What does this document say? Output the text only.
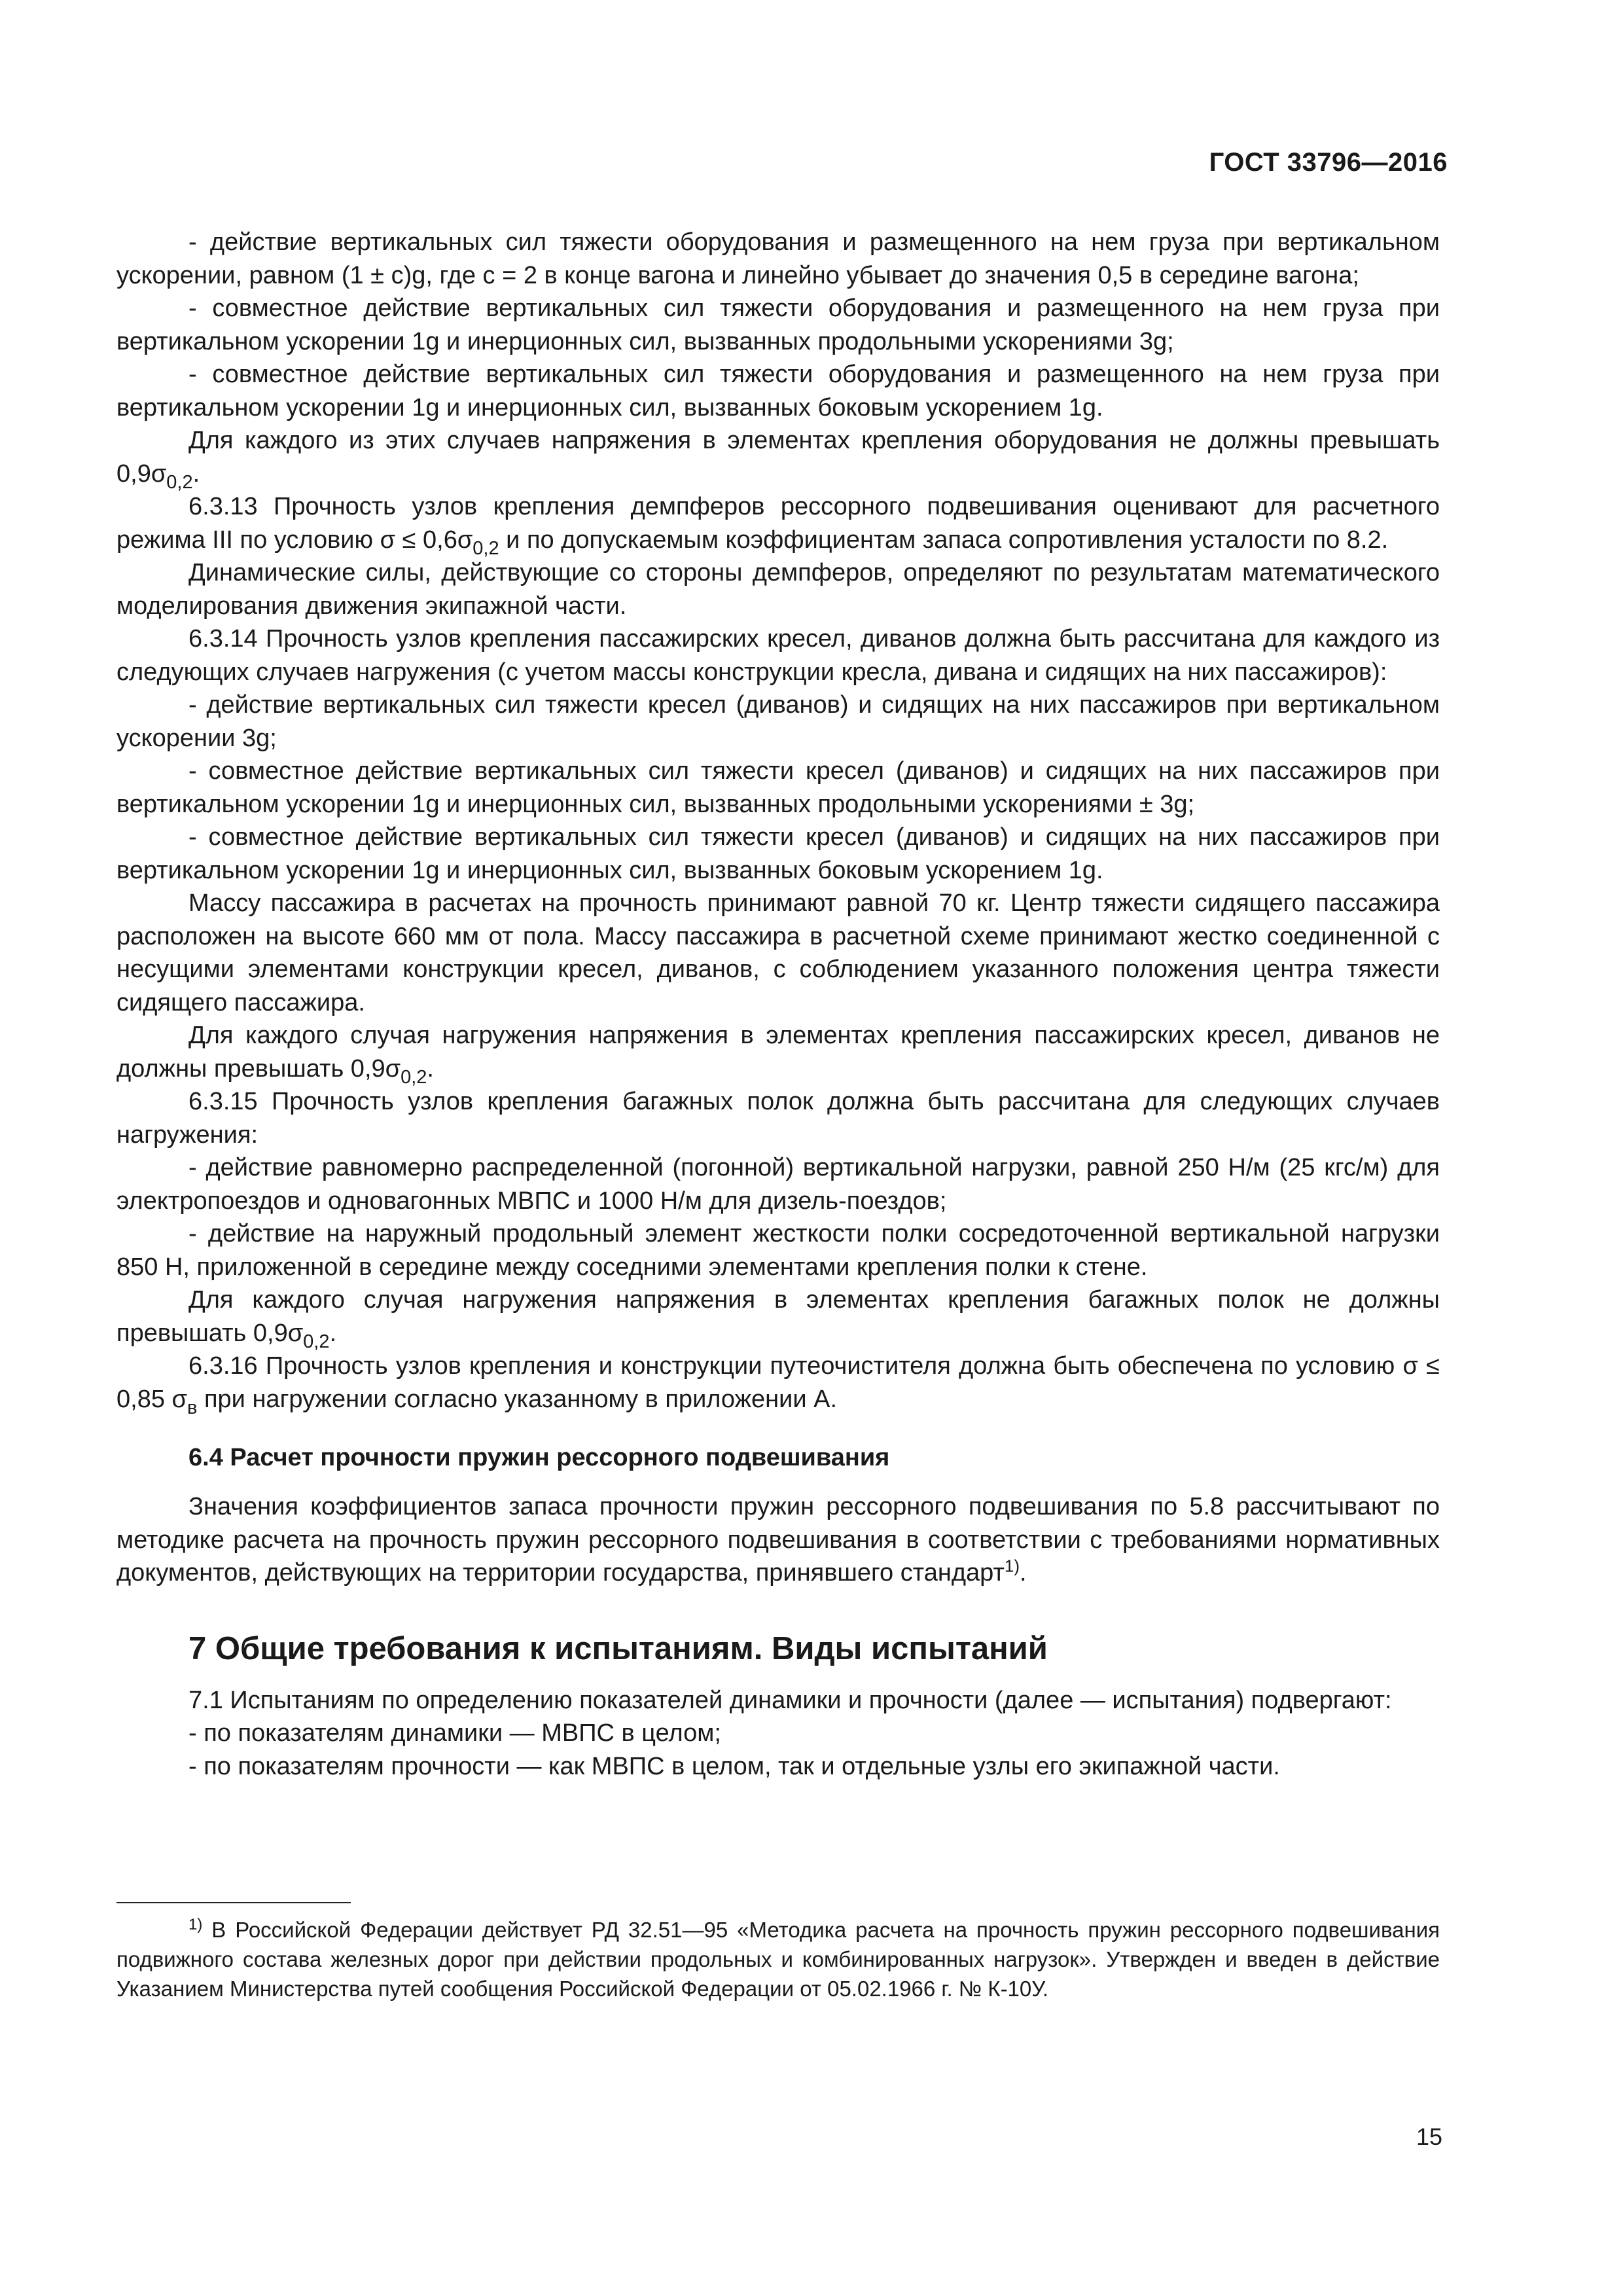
ГОСТ 33796—2016

- действие вертикальных сил тяжести оборудования и размещенного на нем груза при вертикальном ускорении, равном (1 ± с)g, где с = 2 в конце вагона и линейно убывает до значения 0,5 в середине вагона;

- совместное действие вертикальных сил тяжести оборудования и размещенного на нем груза при вертикальном ускорении 1g и инерционных сил, вызванных продольными ускорениями 3g;

- совместное действие вертикальных сил тяжести оборудования и размещенного на нем груза при вертикальном ускорении 1g и инерционных сил, вызванных боковым ускорением 1g.

Для каждого из этих случаев напряжения в элементах крепления оборудования не должны превышать $0,9\sigma_{0,2}$.

6.3.13 Прочность узлов крепления демпферов рессорного подвешивания оценивают для расчетного режима III по условию $\sigma \le 0,6\sigma_{0,2}$ и по допускаемым коэффициентам запаса сопротивления усталости по 8.2.

Динамические силы, действующие со стороны демпферов, определяют по результатам математического моделирования движения экипажной части.

6.3.14 Прочность узлов крепления пассажирских кресел, диванов должна быть рассчитана для каждого из следующих случаев нагружения (с учетом массы конструкции кресла, дивана и сидящих на них пассажиров):

- действие вертикальных сил тяжести кресел (диванов) и сидящих на них пассажиров при вертикальном ускорении 3g;

- совместное действие вертикальных сил тяжести кресел (диванов) и сидящих на них пассажиров при вертикальном ускорении 1g и инерционных сил, вызванных продольными ускорениями ± 3g;

- совместное действие вертикальных сил тяжести кресел (диванов) и сидящих на них пассажиров при вертикальном ускорении 1g и инерционных сил, вызванных боковым ускорением 1g.

Массу пассажира в расчетах на прочность принимают равной 70 кг. Центр тяжести сидящего пассажира расположен на высоте 660 мм от пола. Массу пассажира в расчетной схеме принимают жестко соединенной с несущими элементами конструкции кресел, диванов, с соблюдением указанного положения центра тяжести сидящего пассажира.

Для каждого случая нагружения напряжения в элементах крепления пассажирских кресел, диванов не должны превышать $0,9\sigma_{0,2}$.

6.3.15 Прочность узлов крепления багажных полок должна быть рассчитана для следующих случаев нагружения:

- действие равномерно распределенной (погонной) вертикальной нагрузки, равной 250 Н/м (25 кгс/м) для электропоездов и одновагонных МВПС и 1000 Н/м для дизель-поездов;

- действие на наружный продольный элемент жесткости полки сосредоточенной вертикальной нагрузки 850 Н, приложенной в середине между соседними элементами крепления полки к стене.

Для каждого случая нагружения напряжения в элементах крепления багажных полок не должны превышать $0,9\sigma_{0,2}$.

6.3.16 Прочность узлов крепления и конструкции путеочистителя должна быть обеспечена по условию σ ≤ 0,85 $\sigma_в$ при нагружении согласно указанному в приложении А.

6.4 Расчет прочности пружин рессорного подвешивания

Значения коэффициентов запаса прочности пружин рессорного подвешивания по 5.8 рассчитывают по методике расчета на прочность пружин рессорного подвешивания в соответствии с требованиями нормативных документов, действующих на территории государства, принявшего стандарт$^{1)}$.

7 Общие требования к испытаниям. Виды испытаний

7.1 Испытаниям по определению показателей динамики и прочности (далее — испытания) подвергают:

- по показателям динамики — МВПС в целом;

- по показателям прочности — как МВПС в целом, так и отдельные узлы его экипажной части.

$^{1)}$ В Российской Федерации действует РД 32.51—95 «Методика расчета на прочность пружин рессорного подвешивания подвижного состава железных дорог при действии продольных и комбинированных нагрузок». Утвержден и введен в действие Указанием Министерства путей сообщения Российской Федерации от 05.02.1966 г. № К-10У.
15
